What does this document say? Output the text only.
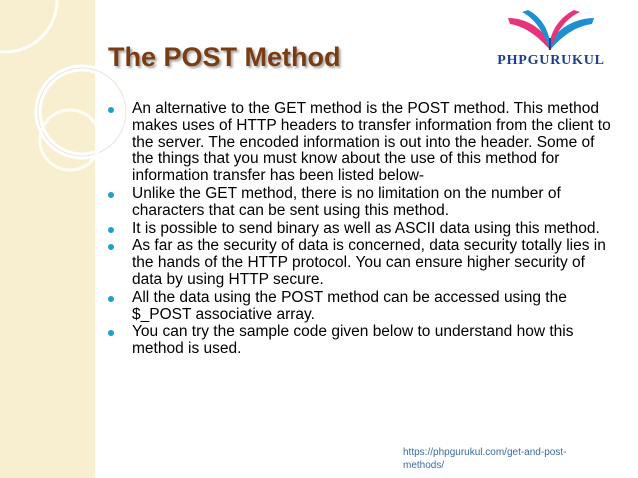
The POST Method	PHPGURUKUL
An alternative to the GET method is the POST method. This method makes uses of HTTP headers to transfer information from the client to the server. The encoded information is out into the header. Some of the things that you must know about the use of this method for information transfer has been listed below-
Unlike the GET method, there is no limitation on the number of characters that can be sent using this method.
It is possible to send binary as well as ASCII data using this method.
As far as the security of data is concerned, data security totally lies in the hands of the HTTP protocol. You can ensure higher security of data by using HTTP secure.
All the data using the POST method can be accessed using the $_POST associative array.
You can try the sample code given below to understand how this method is used.
https://phpgurukul.com/get-and-post-methods/
